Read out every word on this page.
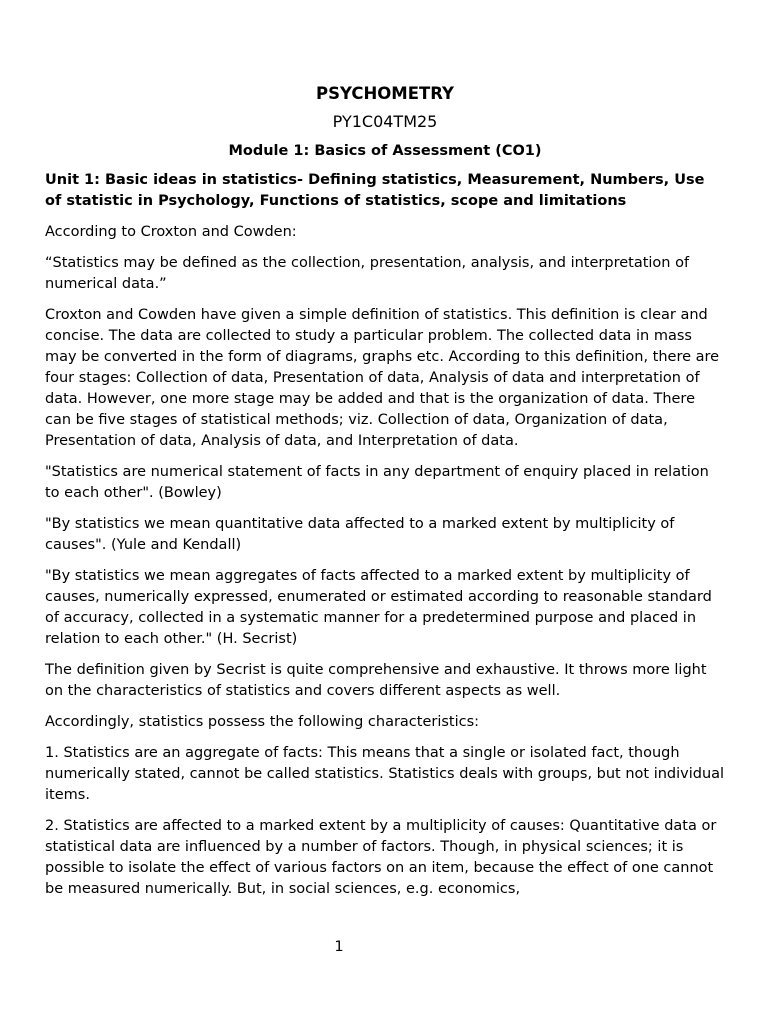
PSYCHOMETRY
PY1C04TM25
Module 1: Basics of Assessment (CO1)
Unit 1: Basic ideas in statistics- Defining statistics, Measurement, Numbers, Use of statistic in Psychology, Functions of statistics, scope and limitations

According to Croxton and Cowden:

“Statistics may be defined as the collection, presentation, analysis, and interpretation of numerical data.”

Croxton and Cowden have given a simple definition of statistics. This definition is clear and concise. The data are collected to study a particular problem. The collected data in mass may be converted in the form of diagrams, graphs etc. According to this definition, there are four stages: Collection of data, Presentation of data, Analysis of data and interpretation of data. However, one more stage may be added and that is the organization of data. There can be five stages of statistical methods; viz. Collection of data, Organization of data, Presentation of data, Analysis of data, and Interpretation of data.

"Statistics are numerical statement of facts in any department of enquiry placed in relation to each other". (Bowley)

"By statistics we mean quantitative data affected to a marked extent by multiplicity of causes". (Yule and Kendall)

"By statistics we mean aggregates of facts affected to a marked extent by multiplicity of causes, numerically expressed, enumerated or estimated according to reasonable standard of accuracy, collected in a systematic manner for a predetermined purpose and placed in relation to each other." (H. Secrist)

The definition given by Secrist is quite comprehensive and exhaustive. It throws more light on the characteristics of statistics and covers different aspects as well.

Accordingly, statistics possess the following characteristics:

1. Statistics are an aggregate of facts: This means that a single or isolated fact, though numerically stated, cannot be called statistics. Statistics deals with groups, but not individual items.

2. Statistics are affected to a marked extent by a multiplicity of causes: Quantitative data or statistical data are influenced by a number of factors. Though, in physical sciences; it is possible to isolate the effect of various factors on an item, because the effect of one cannot be measured numerically. But, in social sciences, e.g. economics,

1
